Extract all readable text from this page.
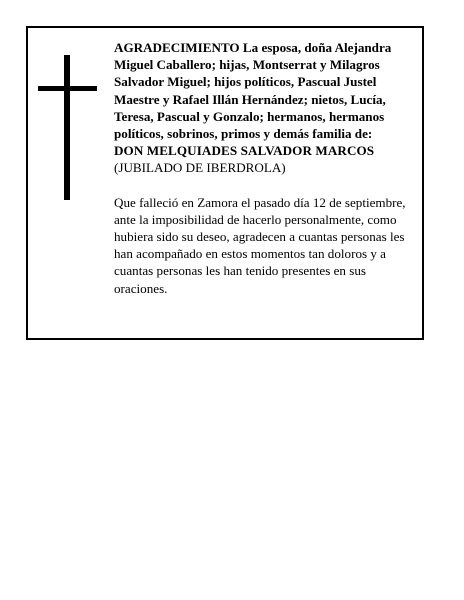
AGRADECIMIENTO La esposa, doña Alejandra Miguel Caballero; hijas, Montserrat y Milagros Salvador Miguel; hijos políticos, Pascual Justel Maestre y Rafael Illán Hernández; nietos, Lucía, Teresa, Pascual y Gonzalo; hermanos, hermanos políticos, sobrinos, primos y demás familia de:

DON MELQUIADES SALVADOR MARCOS

(JUBILADO DE IBERDROLA)

Que falleció en Zamora el pasado día 12 de septiembre, ante la imposibilidad de hacerlo personalmente, como hubiera sido su deseo, agradecen a cuantas personas les han acompañado en estos momentos tan doloros y a cuantas personas les han tenido presentes en sus oraciones.
